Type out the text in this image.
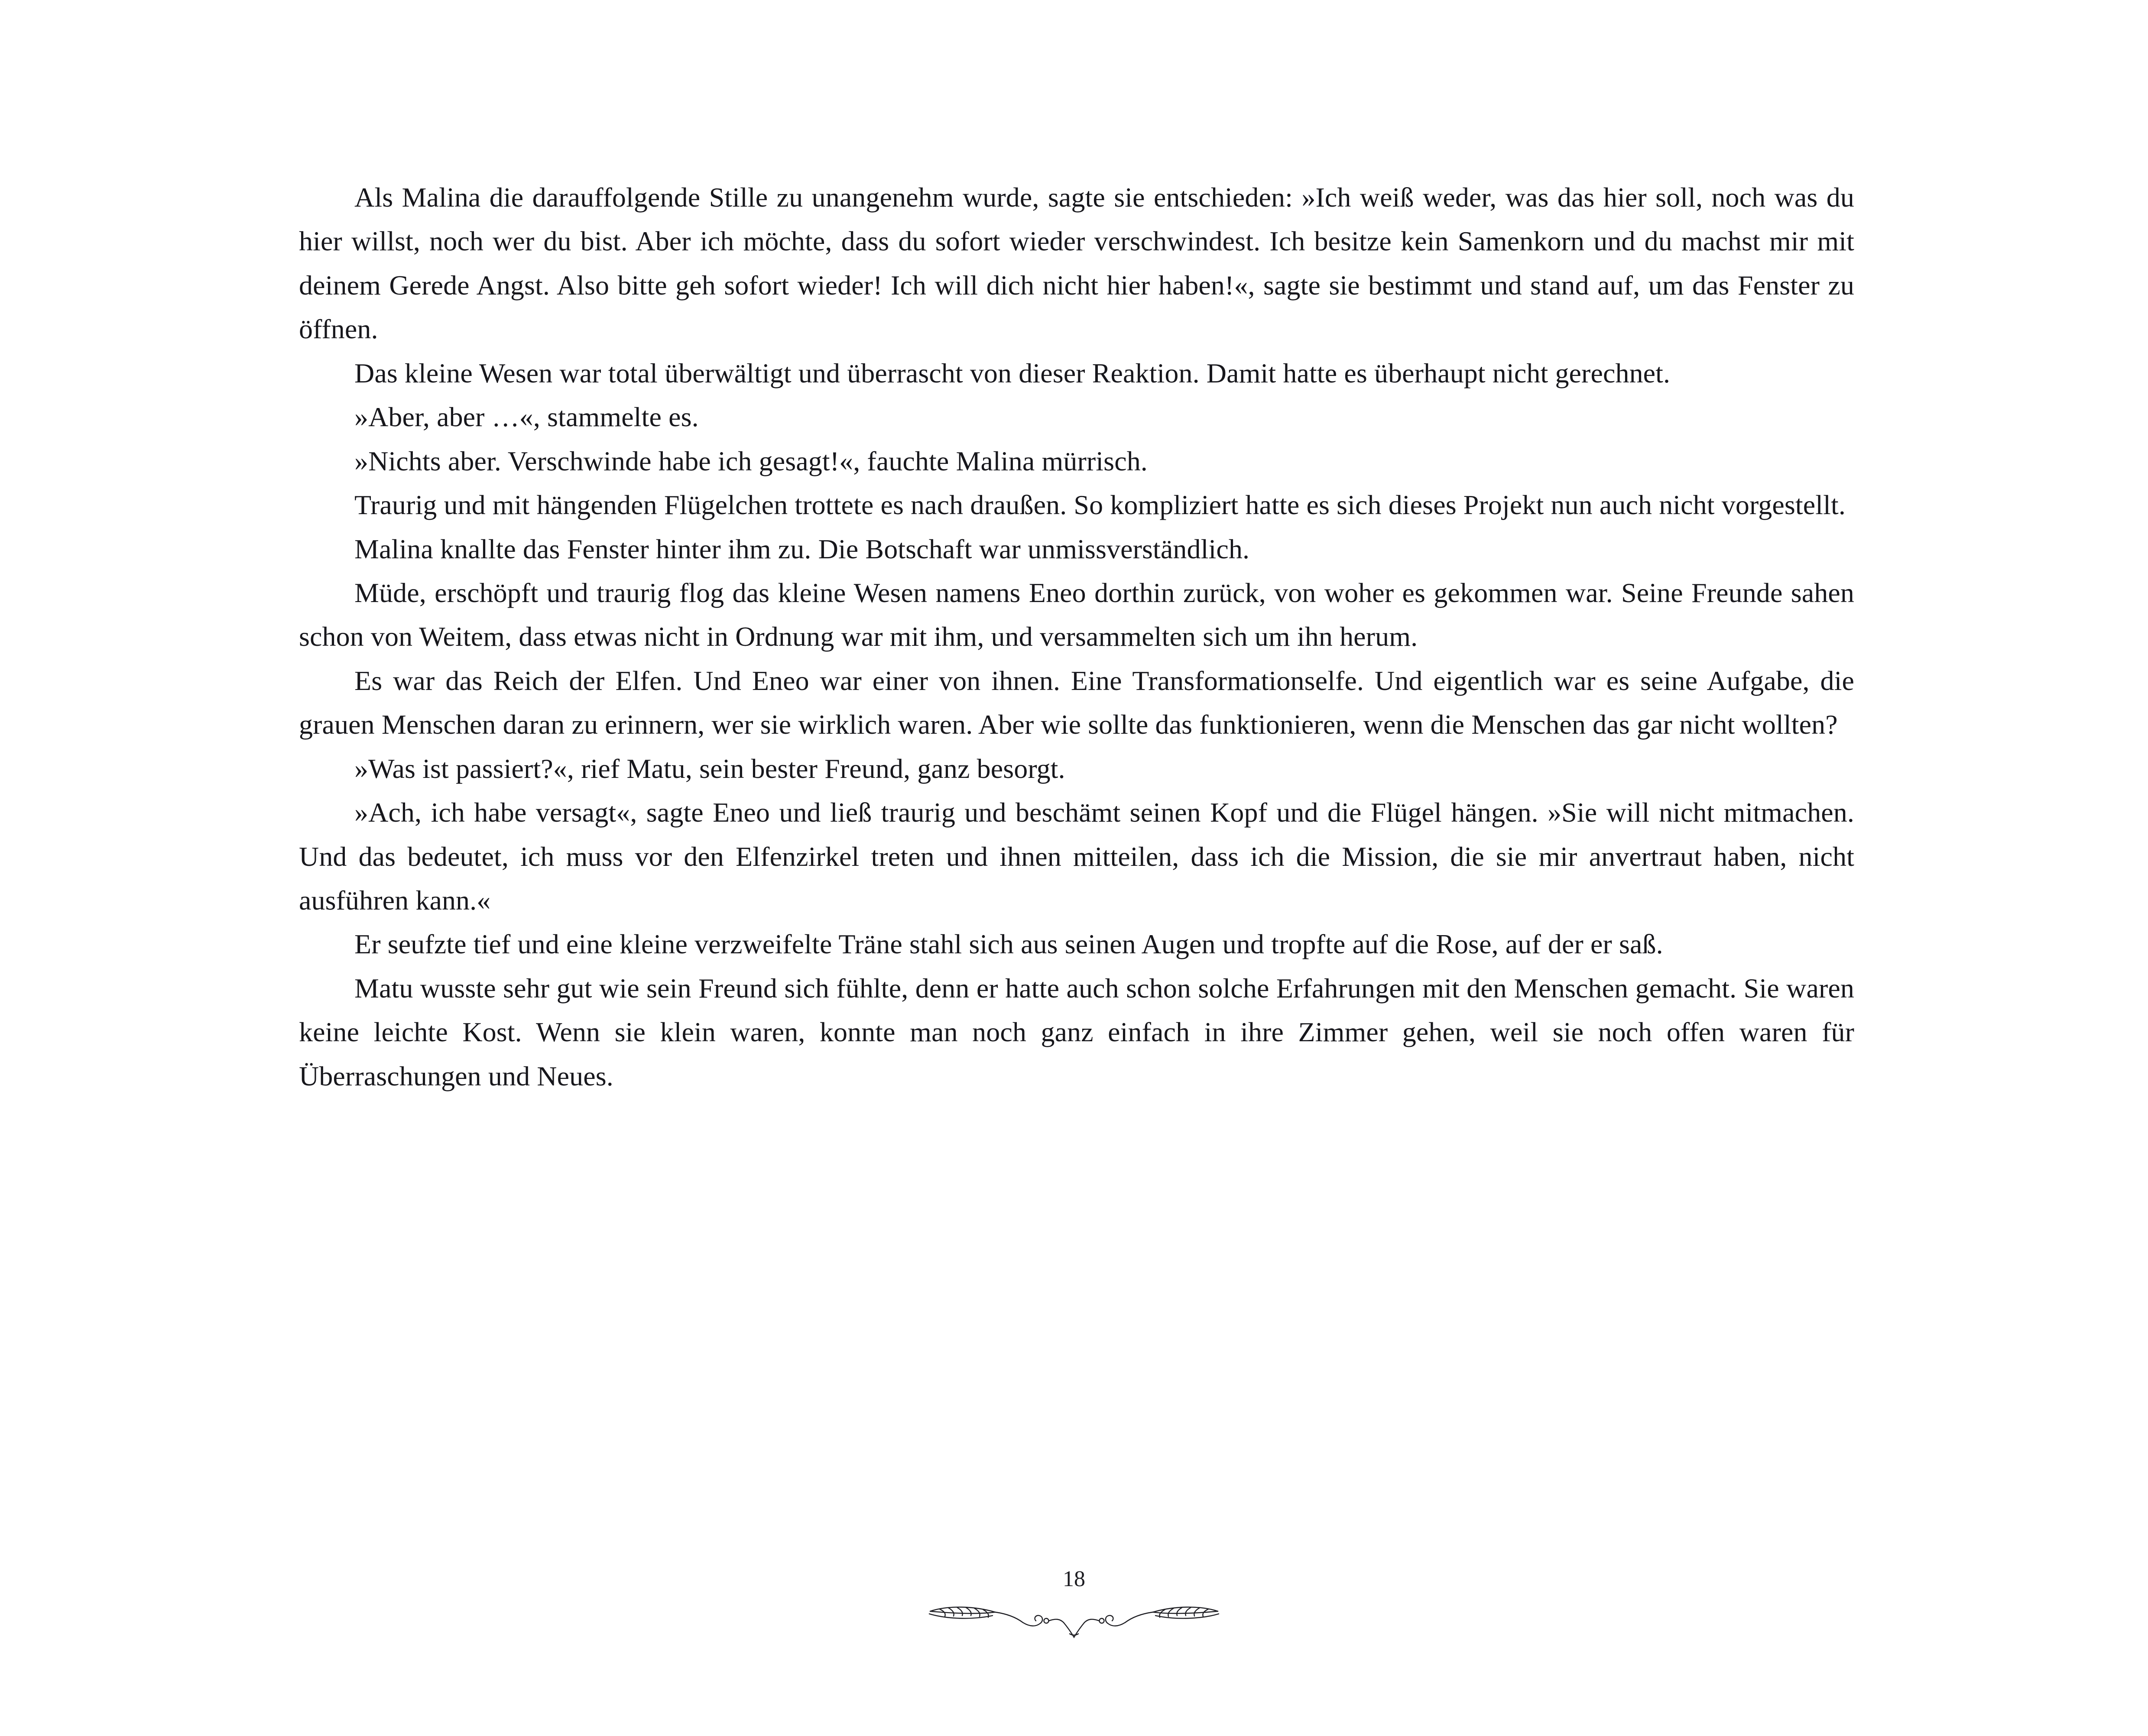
Als Malina die darauffolgende Stille zu unangenehm wurde, sagte sie entschieden: »Ich weiß weder, was das hier soll, noch was du hier willst, noch wer du bist. Aber ich möchte, dass du sofort wieder verschwindest. Ich besitze kein Samenkorn und du machst mir mit deinem Gerede Angst. Also bitte geh sofort wieder! Ich will dich nicht hier haben!«, sagte sie bestimmt und stand auf, um das Fenster zu öffnen.

Das kleine Wesen war total überwältigt und überrascht von dieser Reaktion. Damit hatte es überhaupt nicht gerechnet.

»Aber, aber …«, stammelte es.

»Nichts aber. Verschwinde habe ich gesagt!«, fauchte Malina mürrisch.

Traurig und mit hängenden Flügelchen trottete es nach draußen. So kompliziert hatte es sich dieses Projekt nun auch nicht vorgestellt.

Malina knallte das Fenster hinter ihm zu. Die Botschaft war unmissverständlich.

Müde, erschöpft und traurig flog das kleine Wesen namens Eneo dorthin zurück, von woher es gekommen war. Seine Freunde sahen schon von Weitem, dass etwas nicht in Ordnung war mit ihm, und versammelten sich um ihn herum.

Es war das Reich der Elfen. Und Eneo war einer von ihnen. Eine Transformationselfe. Und eigentlich war es seine Aufgabe, die grauen Menschen daran zu erinnern, wer sie wirklich waren. Aber wie sollte das funktionieren, wenn die Menschen das gar nicht wollten?

»Was ist passiert?«, rief Matu, sein bester Freund, ganz besorgt.

»Ach, ich habe versagt«, sagte Eneo und ließ traurig und beschämt seinen Kopf und die Flügel hängen. »Sie will nicht mitmachen. Und das bedeutet, ich muss vor den Elfenzirkel treten und ihnen mitteilen, dass ich die Mission, die sie mir anvertraut haben, nicht ausführen kann.«

Er seufzte tief und eine kleine verzweifelte Träne stahl sich aus seinen Augen und tropfte auf die Rose, auf der er saß.

Matu wusste sehr gut wie sein Freund sich fühlte, denn er hatte auch schon solche Erfahrungen mit den Menschen gemacht. Sie waren keine leichte Kost. Wenn sie klein waren, konnte man noch ganz einfach in ihre Zimmer gehen, weil sie noch offen waren für Überraschungen und Neues.

18
